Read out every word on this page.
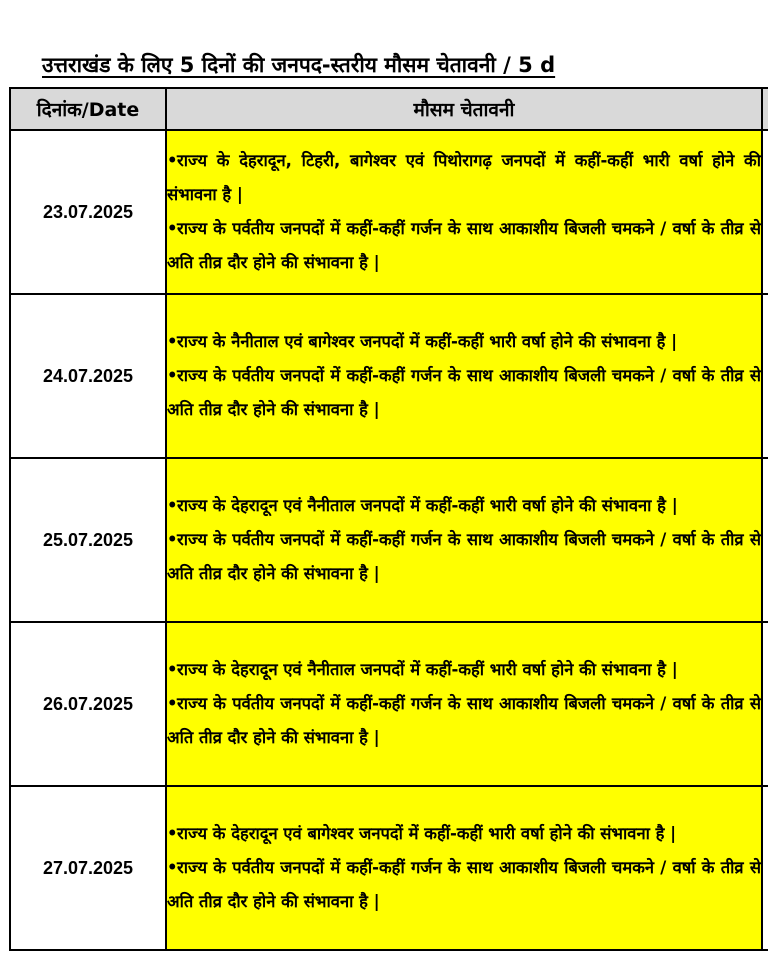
उत्तराखंड के लिए 5 दिनों की जनपद-स्तरीय मौसम चेतावनी / 5 d
दिनांक/Date	मौसम चेतावनी	
23.07.2025	•राज्य के देहरादून, टिहरी, बागेश्वर एवं पिथोरागढ़ जनपदों में कहीं-कहीं भारी वर्षा होने की संभावना है |

•राज्य के पर्वतीय जनपदों में कहीं-कहीं गर्जन के साथ आकाशीय बिजली चमकने / वर्षा के तीव्र से अति तीव्र दौर होने की संभावना है |	

24.07.2025	•राज्य के नैनीताल एवं बागेश्वर जनपदों में कहीं-कहीं भारी वर्षा होने की संभावना है |

•राज्य के पर्वतीय जनपदों में कहीं-कहीं गर्जन के साथ आकाशीय बिजली चमकने / वर्षा के तीव्र से अति तीव्र दौर होने की संभावना है |	

25.07.2025	•राज्य के देहरादून एवं नैनीताल जनपदों में कहीं-कहीं भारी वर्षा होने की संभावना है |

•राज्य के पर्वतीय जनपदों में कहीं-कहीं गर्जन के साथ आकाशीय बिजली चमकने / वर्षा के तीव्र से अति तीव्र दौर होने की संभावना है |	

26.07.2025	•राज्य के देहरादून एवं नैनीताल जनपदों में कहीं-कहीं भारी वर्षा होने की संभावना है |

•राज्य के पर्वतीय जनपदों में कहीं-कहीं गर्जन के साथ आकाशीय बिजली चमकने / वर्षा के तीव्र से अति तीव्र दौर होने की संभावना है |	

27.07.2025	•राज्य के देहरादून एवं बागेश्वर जनपदों में कहीं-कहीं भारी वर्षा होने की संभावना है |

•राज्य के पर्वतीय जनपदों में कहीं-कहीं गर्जन के साथ आकाशीय बिजली चमकने / वर्षा के तीव्र से अति तीव्र दौर होने की संभावना है |	
